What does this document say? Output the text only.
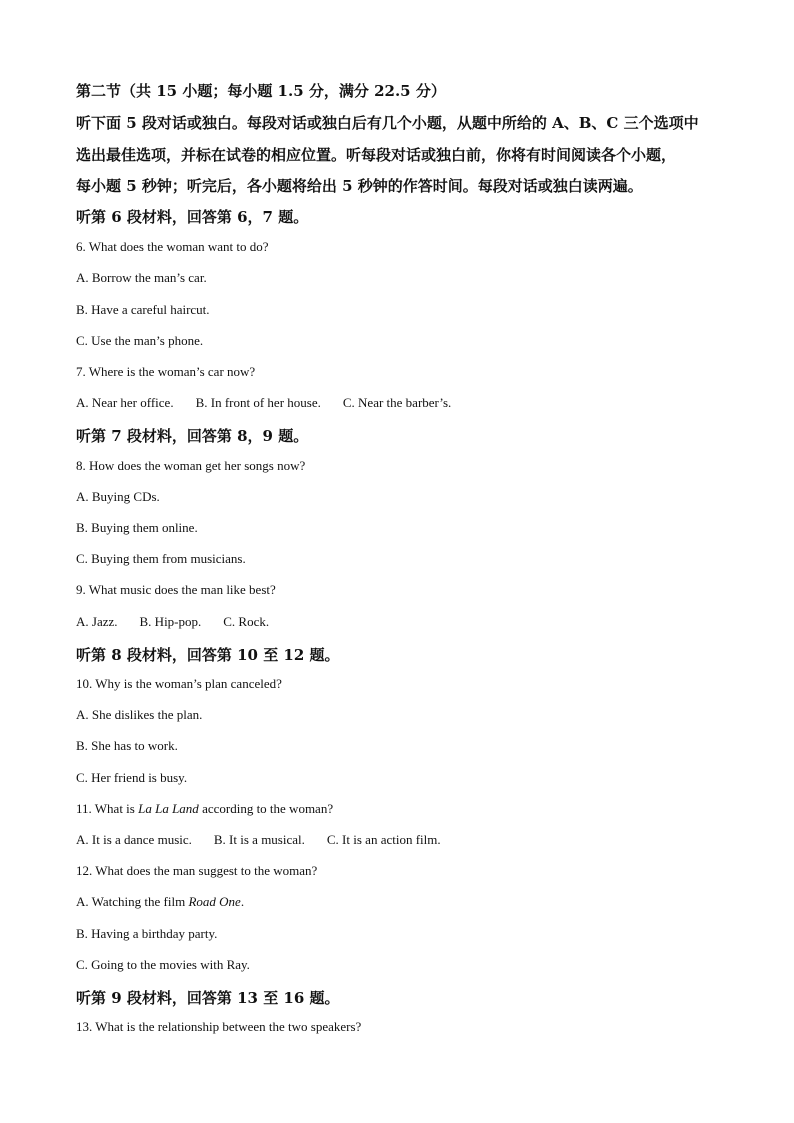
第二节（共 15 小题；每小题 1.5 分，满分 22.5 分）
听下面 5 段对话或独白。每段对话或独白后有几个小题，从题中所给的 A、B、C 三个选项中
选出最佳选项，并标在试卷的相应位置。听每段对话或独白前，你将有时间阅读各个小题，
每小题 5 秒钟；听完后，各小题将给出 5 秒钟的作答时间。每段对话或独白读两遍。
听第 6 段材料，回答第 6，7 题。
6. What does the woman want to do?
A. Borrow the man’s car.
B. Have a careful haircut.
C. Use the man’s phone.
7. Where is the woman’s car now?
A. Near her office. B. In front of her house. C. Near the barber’s.
听第 7 段材料，回答第 8，9 题。
8. How does the woman get her songs now?
A. Buying CDs.
B. Buying them online.
C. Buying them from musicians.
9. What music does the man like best?
A. Jazz. B. Hip-pop. C. Rock.
听第 8 段材料，回答第 10 至 12 题。
10. Why is the woman’s plan canceled?
A. She dislikes the plan.
B. She has to work.
C. Her friend is busy.
11. What is La La Land according to the woman?
A. It is a dance music. B. It is a musical. C. It is an action film.
12. What does the man suggest to the woman?
A. Watching the film Road One.
B. Having a birthday party.
C. Going to the movies with Ray.
听第 9 段材料，回答第 13 至 16 题。
13. What is the relationship between the two speakers?
